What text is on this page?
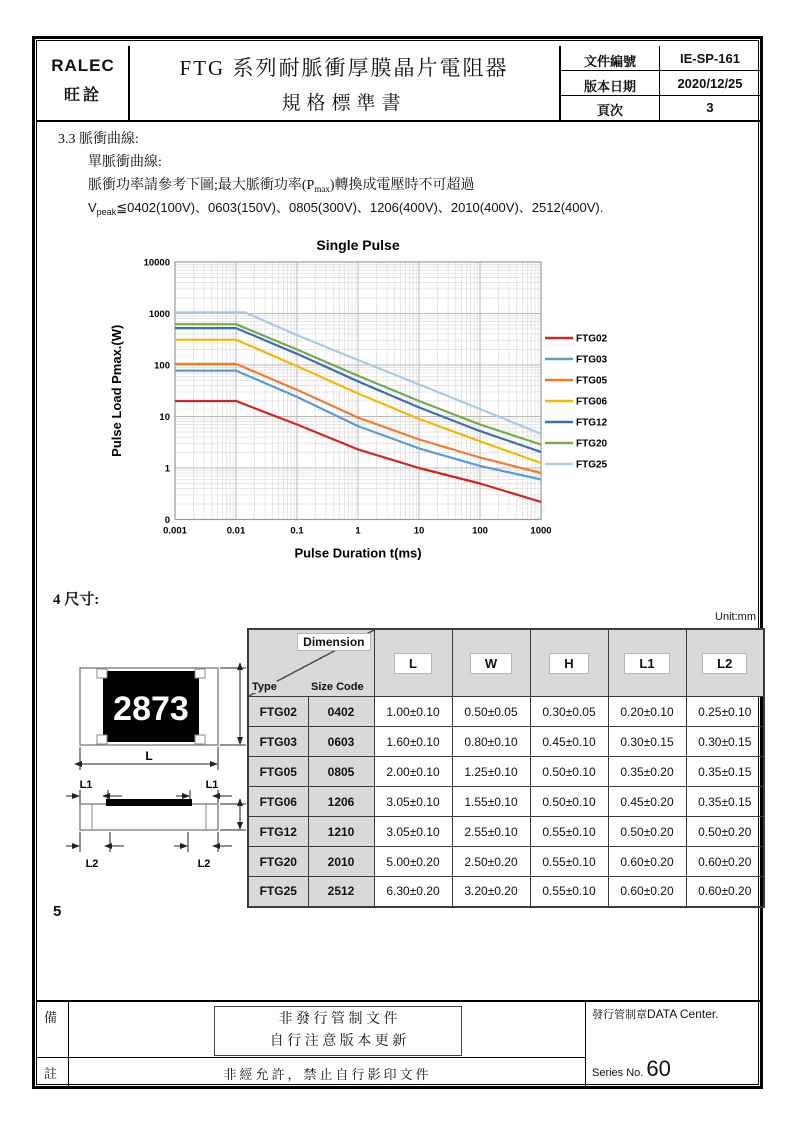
RALEC
旺詮
FTG 系列耐脈衝厚膜晶片電阻器
規格標準書
文件編號	IE-SP-161
版本日期	2020/12/25
頁次	3
3.3 脈衝曲線:
單脈衝曲線:
脈衝功率請參考下圖;最大脈衝功率$(P_{max})$轉換成電壓時不可超過
$V_{peak}≦0402(100V)$、0603(150V)、0805(300V)、1206(400V)、2010(400V)、2512(400V).
10000
1000
100
10
1
0
0.001	0.01	0.1	1	10	100	1000
FTG02
FTG03
FTG05
FTG06
FTG12
FTG20
FTG25
Single Pulse
Pulse Duration t(ms)
Pulse Load Pmax.(W)
4 尺寸:
Unit:mm
2873
L
L1	L1
L2	L2
Dimension
Type Size Code		L	W	H	L1	L2
FTG02	0402	1.00±0.10	0.50±0.05	0.30±0.05	0.20±0.10	0.25±0.10
FTG03	0603	1.60±0.10	0.80±0.10	0.45±0.10	0.30±0.15	0.30±0.15
FTG05	0805	2.00±0.10	1.25±0.10	0.50±0.10	0.35±0.20	0.35±0.15
FTG06	1206	3.05±0.10	1.55±0.10	0.50±0.10	0.45±0.20	0.35±0.15
FTG12	1210	3.05±0.10	2.55±0.10	0.55±0.10	0.50±0.20	0.50±0.20
FTG20	2010	5.00±0.20	2.50±0.20	0.55±0.10	0.60±0.20	0.60±0.20
FTG25	2512	6.30±0.20	3.20±0.20	0.55±0.10	0.60±0.20	0.60±0.20
5
備
註
非 發 行 管 制 文 件
自 行 注 意 版 本 更 新
非經允許，禁止自行影印文件
發行管制章DATA Center.
Series No. 60
